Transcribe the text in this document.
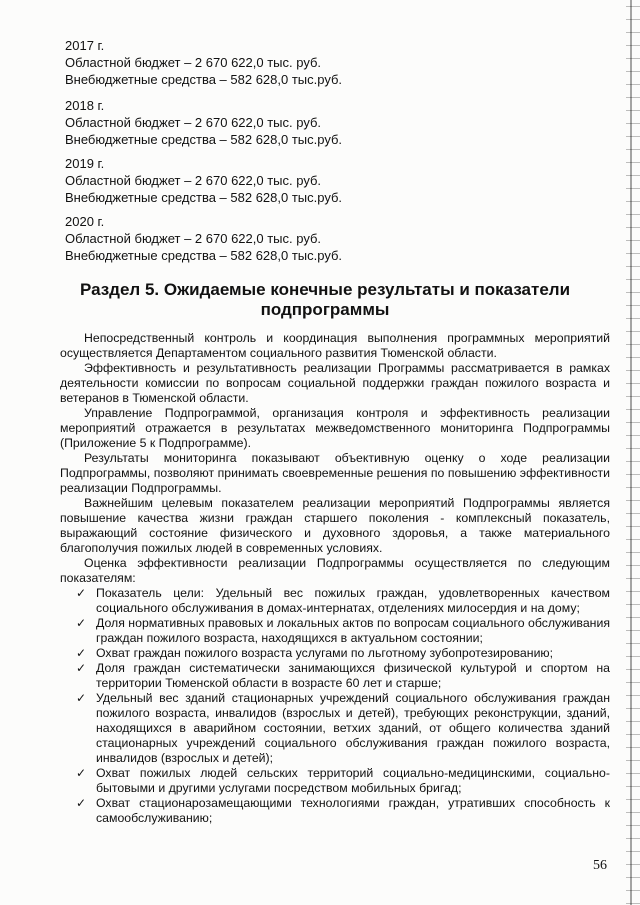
2017 г.
Областной бюджет – 2 670 622,0 тыс. руб.
Внебюджетные средства – 582 628,0 тыс.руб.
2018 г.
Областной бюджет – 2 670 622,0 тыс. руб.
Внебюджетные средства – 582 628,0 тыс.руб.
2019 г.
Областной бюджет – 2 670 622,0 тыс. руб.
Внебюджетные средства – 582 628,0 тыс.руб.
2020 г.
Областной бюджет – 2 670 622,0 тыс. руб.
Внебюджетные средства – 582 628,0 тыс.руб.
Раздел 5. Ожидаемые конечные результаты и показатели подпрограммы

Непосредственный контроль и координация выполнения программных мероприятий осуществляется Департаментом социального развития Тюменской области.

Эффективность и результативность реализации Программы рассматривается в рамках деятельности комиссии по вопросам социальной поддержки граждан пожилого возраста и ветеранов в Тюменской области.

Управление Подпрограммой, организация контроля и эффективность реализации мероприятий отражается в результатах межведомственного мониторинга Подпрограммы (Приложение 5 к Подпрограмме).

Результаты мониторинга показывают объективную оценку о ходе реализации Подпрограммы, позволяют принимать своевременные решения по повышению эффективности реализации Подпрограммы.

Важнейшим целевым показателем реализации мероприятий Подпрограммы является повышение качества жизни граждан старшего поколения - комплексный показатель, выражающий состояние физического и духовного здоровья, а также материального благополучия пожилых людей в современных условиях.

Оценка эффективности реализации Подпрограммы осуществляется по следующим показателям:

✓ Показатель цели: Удельный вес пожилых граждан, удовлетворенных качеством социального обслуживания в домах-интернатах, отделениях милосердия и на дому;
✓ Доля нормативных правовых и локальных актов по вопросам социального обслуживания граждан пожилого возраста, находящихся в актуальном состоянии;
✓ Охват граждан пожилого возраста услугами по льготному зубопротезированию;
✓ Доля граждан систематически занимающихся физической культурой и спортом на территории Тюменской области в возрасте 60 лет и старше;
✓ Удельный вес зданий стационарных учреждений социального обслуживания граждан пожилого возраста, инвалидов (взрослых и детей), требующих реконструкции, зданий, находящихся в аварийном состоянии, ветхих зданий, от общего количества зданий стационарных учреждений социального обслуживания граждан пожилого возраста, инвалидов (взрослых и детей);
✓ Охват пожилых людей сельских территорий социально-медицинскими, социально-бытовыми и другими услугами посредством мобильных бригад;
✓ Охват стационарозамещающими технологиями граждан, утративших способность к самообслуживанию;
56
